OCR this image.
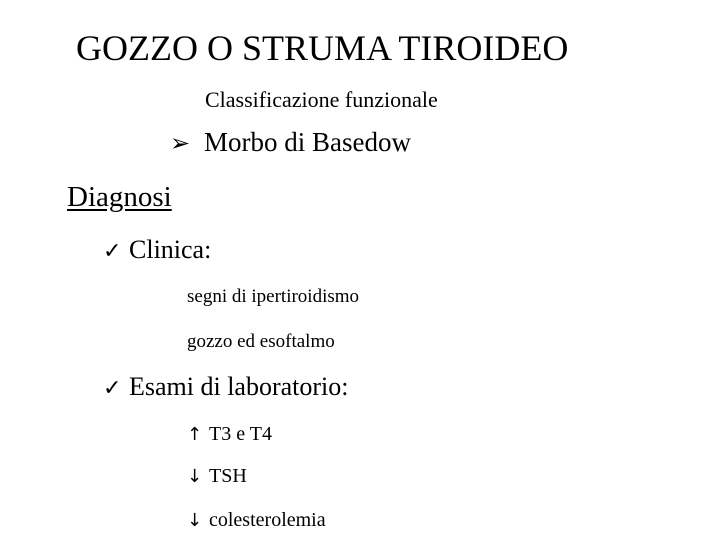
GOZZO O STRUMA TIROIDEO
Classificazione funzionale
➢ Morbo di Basedow
Diagnosi
✓ Clinica:
segni di ipertiroidismo
gozzo ed esoftalmo
✓ Esami di laboratorio:
↑ T3 e T4
↓ TSH
↓ colesterolemia
